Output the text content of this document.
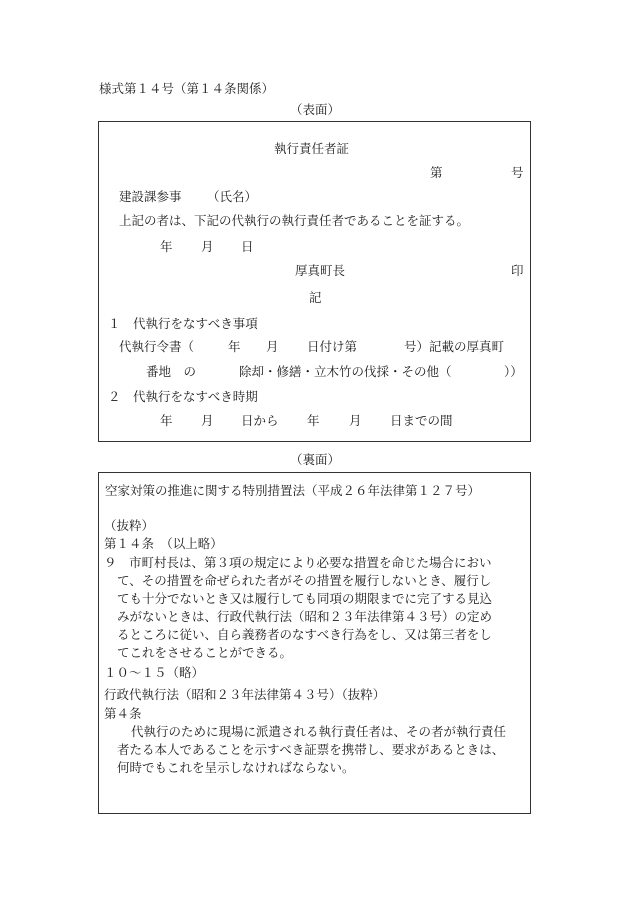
様式第１４号（第１４条関係）
（表面）
執行責任者証
第	号
建設課参事 （氏名）
上記の者は、下記の代執行の執行責任者であることを証する。
年 月 日
厚真町長	印
記
１　代執行をなすべき事項
代執行令書（	年 月 日付け第	号）記載の厚真町
番地　の	除却・修繕・立木竹の伐採・その他（	））
２　代執行をなすべき時期
年 月 日から 年 月 日までの間
（裏面）
空家対策の推進に関する特別措置法（平成２６年法律第１２７号）
（抜粋）
第１４条　（以上略）
９　市町村長は、第３項の規定により必要な措置を命じた場合におい
て、その措置を命ぜられた者がその措置を履行しないとき、履行し
ても十分でないとき又は履行しても同項の期限までに完了する見込
みがないときは、行政代執行法（昭和２３年法律第４３号）の定め
るところに従い、自ら義務者のなすべき行為をし、又は第三者をし
てこれをさせることができる。
１０～１５（略）
行政代執行法（昭和２３年法律第４３号）（抜粋）
第４条
代執行のために現場に派遣される執行責任者は、その者が執行責任
者たる本人であることを示すべき証票を携帯し、要求があるときは、
何時でもこれを呈示しなければならない。
